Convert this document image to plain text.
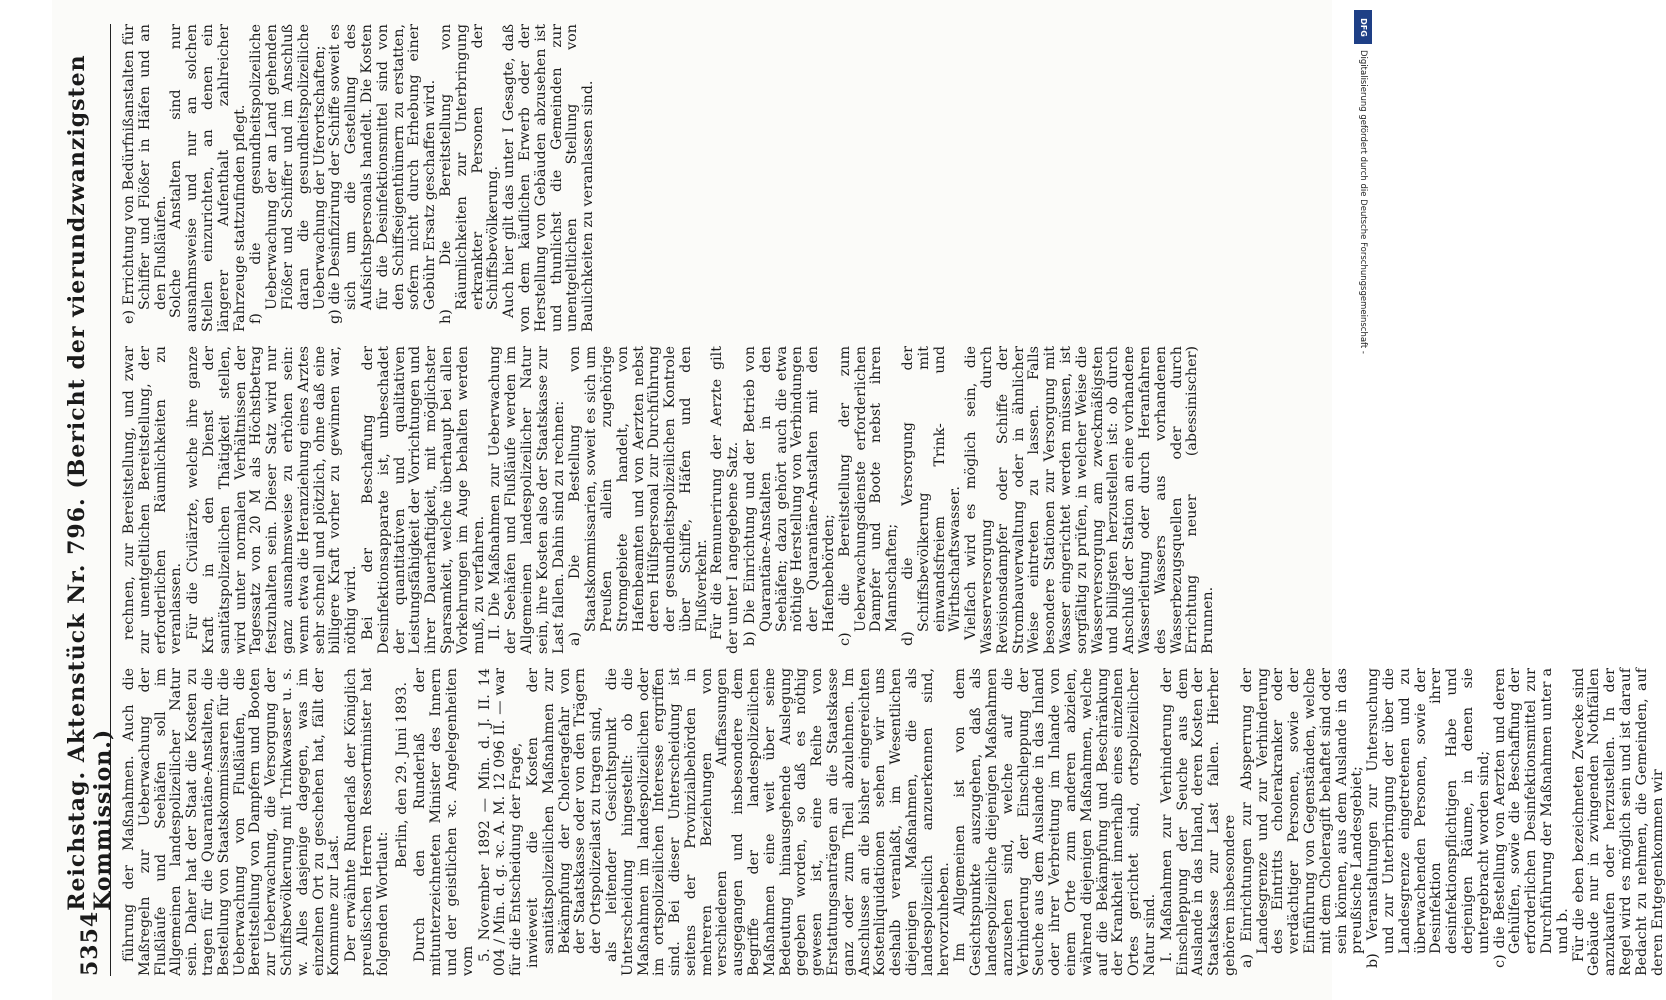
5354
Reichstag. Aktenstück Nr. 796. (Bericht der vierundzwanzigsten Kommission.) führung der Maßnahmen. Auch die Maßregeln zur Ueberwachung der Flußläufe und Seehäfen soll im Allgemeinen landespolizeilicher Natur sein. Daher hat der Staat die Kosten zu tragen für die Quarantäne-Anstalten, die Bestellung von Staatskommissaren für die Ueberwachung von Flußläufen, die Bereitstellung von Dampfern und Booten zur Ueberwachung, die Versorgung der Schiffsbevölkerung mit Trinkwasser u. s. w. Alles dasjenige dagegen, was im einzelnen Ort zu geschehen hat, fällt der Kommune zur Last. Der erwähnte Runderlaß der Königlich preußischen Herren Ressortminister hat folgenden Wortlaut:

Berlin, den 29. Juni 1893. Durch den Runderlaß der mitunterzeichneten Minister des Innern und der geistlichen ꝛc. Angelegenheiten vom 5. November 1892 — Min. d. J. II. 14 004 / Min. d. g. ꝛc. A. M. 12 096 II. — war für die Entscheidung der Frage, inwieweit die Kosten der sanitätspolizeilichen Maßnahmen zur Bekämpfung der Choleragefahr von der Staatskasse oder von den Trägern der Ortspolizeilast zu tragen sind, als leitender Gesichtspunkt die Unterscheidung hingestellt: ob die Maßnahmen im landespolizeilichen oder im ortspolizeilichen Interesse ergriffen sind. Bei dieser Unterscheidung ist seitens der Provinzialbehörden in mehreren Beziehungen von verschiedenen Auffassungen ausgegangen und insbesondere dem Begriffe der landespolizeilichen Maßnahmen eine weit über seine Bedeutung hinausgehende Auslegung gegeben worden, so daß es nöthig gewesen ist, eine Reihe von Erstattungsanträgen an die Staatskasse ganz oder zum Theil abzulehnen. Im Anschlusse an die bisher eingereichten Kostenliquidationen sehen wir uns deshalb veranlaßt, im Wesentlichen diejenigen Maßnahmen, die als landespolizeilich anzuerkennen sind, hervorzuheben. Im Allgemeinen ist von dem Gesichtspunkte auszugehen, daß als landespolizeiliche diejenigen Maßnahmen anzusehen sind, welche auf die Verhinderung der Einschleppung der Seuche aus dem Auslande in das Inland oder ihrer Verbreitung im Inlande von einem Orte zum anderen abzielen, während diejenigen Maßnahmen, welche auf die Bekämpfung und Beschränkung der Krankheit innerhalb eines einzelnen Ortes gerichtet sind, ortspolizeilicher Natur sind. I. Maßnahmen zur Verhinderung der Einschleppung der Seuche aus dem Auslande in das Inland, deren Kosten der Staatskasse zur Last fallen. Hierher gehören insbesondere a) Einrichtungen zur Absperrung der Landesgrenze und zur Verhinderung des Eintritts cholerakranker oder verdächtiger Personen, sowie der Einführung von Gegenständen, welche mit dem Choleragift behaftet sind oder sein können, aus dem Auslande in das preußische Landesgebiet; b) Veranstaltungen zur Untersuchung und zur Unterbringung der über die Landesgrenze eingetretenen und zu überwachenden Personen, sowie der Desinfektion ihrer desinfektionspflichtigen Habe und derjenigen Räume, in denen sie untergebracht worden sind; c) die Bestellung von Aerzten und deren Gehülfen, sowie die Beschaffung der erforderlichen Desinfektionsmittel zur Durchführung der Maßnahmen unter a und b. Für die eben bezeichneten Zwecke sind Gebäude nur in zwingenden Nothfällen anzukaufen oder herzustellen. In der Regel wird es möglich sein und ist darauf Bedacht zu nehmen, die Gemeinden, auf deren Entgegenkommen wir

rechnen, zur Bereitstellung, und zwar zur unentgeltlichen Bereitstellung, der erforderlichen Räumlichkeiten zu veranlassen. Für die Civilärzte, welche ihre ganze Kraft in den Dienst der sanitätspolizeilichen Thätigkeit stellen, wird unter normalen Verhältnissen der Tagessatz von 20 M als Höchstbetrag festzuhalten sein. Dieser Satz wird nur ganz ausnahmsweise zu erhöhen sein: wenn etwa die Heranziehung eines Arztes sehr schnell und plötzlich, ohne daß eine billigere Kraft vorher zu gewinnen war, nöthig wird. Bei der Beschaffung der Desinfektionsapparate ist, unbeschadet der quantitativen und qualitativen Leistungsfähigkeit der Vorrichtungen und ihrer Dauerhaftigkeit, mit möglichster Sparsamkeit, welche überhaupt bei allen Vorkehrungen im Auge behalten werden muß, zu verfahren. II. Die Maßnahmen zur Ueberwachung der Seehäfen und Flußläufe werden im Allgemeinen landespolizeilicher Natur sein, ihre Kosten also der Staatskasse zur Last fallen. Dahin sind zu rechnen: a) Die Bestellung von Staatskommissarien, soweit es sich um Preußen allein zugehörige Stromgebiete handelt, von Hafenbeamten und von Aerzten nebst deren Hülfspersonal zur Durchführung der gesundheitspolizeilichen Kontrole über Schiffe, Häfen und den Flußverkehr. Für die Remunerirung der Aerzte gilt der unter I angegebene Satz. b) Die Einrichtung und der Betrieb von Quarantäne-Anstalten in den Seehäfen; dazu gehört auch die etwa nöthige Herstellung von Verbindungen der Quarantäne-Anstalten mit den Hafenbehörden; c) die Bereitstellung der zum Ueberwachungsdienste erforderlichen Dampfer und Boote nebst ihren Mannschaften; d) die Versorgung der Schiffsbevölkerung mit einwandsfreiem Trink- und Wirthschaftswasser. Vielfach wird es möglich sein, die Wasserversorgung durch Revisionsdampfer oder Schiffe der Strombauverwaltung oder in ähnlicher Weise eintreten zu lassen. Falls besondere Stationen zur Versorgung mit Wasser eingerichtet werden müssen, ist sorgfältig zu prüfen, in welcher Weise die Wasserversorgung am zweckmäßigsten und billigsten herzustellen ist: ob durch Anschluß der Station an eine vorhandene Wasserleitung oder durch Heranfahren des Wassers aus vorhandenen Wasserbezugsquellen oder durch Errichtung neuer (abessinischer) Brunnen.

e) Errichtung von Bedürfnißanstalten für Schiffer und Flößer in Häfen und an den Flußläufen. Solche Anstalten sind nur ausnahmsweise und nur an solchen Stellen einzurichten, an denen ein längerer Aufenthalt zahlreicher Fahrzeuge stattzufinden pflegt. f) die gesundheitspolizeiliche Ueberwachung der an Land gehenden Flößer und Schiffer und im Anschluß daran die gesundheitspolizeiliche Ueberwachung der Uferortschaften; g) die Desinfizirung der Schiffe soweit es sich um die Gestellung des Aufsichtspersonals handelt. Die Kosten für die Desinfektionsmittel sind von den Schiffseigenthümern zu erstatten, sofern nicht durch Erhebung einer Gebühr Ersatz geschaffen wird. h) Die Bereitstellung von Räumlichkeiten zur Unterbringung erkrankter Personen der Schiffsbevölkerung. Auch hier gilt das unter I Gesagte, daß von dem käuflichen Erwerb oder der Herstellung von Gebäuden abzusehen ist und thunlichst die Gemeinden zur unentgeltlichen Stellung von Baulichkeiten zu veranlassen sind.

DFG
Digitalisierung gefördert durch die Deutsche Forschungsgemeinschaft -
